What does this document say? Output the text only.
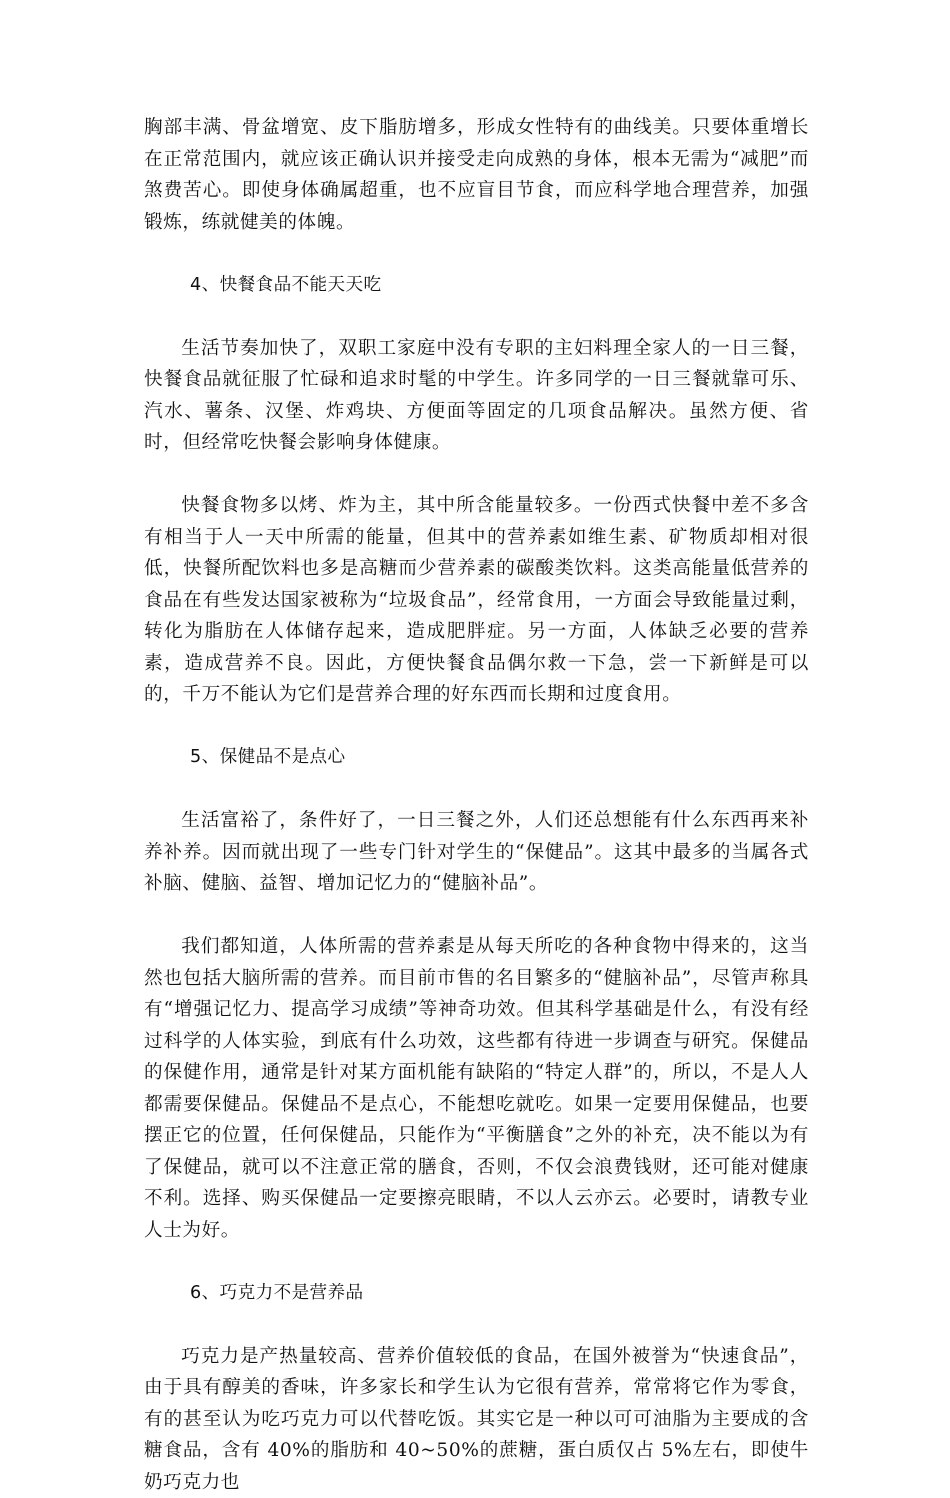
胸部丰满、骨盆增宽、皮下脂肪增多，形成女性特有的曲线美。只要体重增长在正常范围内，就应该正确认识并接受走向成熟的身体，根本无需为“减肥”而煞费苦心。即使身体确属超重，也不应盲目节食，而应科学地合理营养，加强锻炼，练就健美的体魄。

4、快餐食品不能天天吃

生活节奏加快了，双职工家庭中没有专职的主妇料理全家人的一日三餐，快餐食品就征服了忙碌和追求时髦的中学生。许多同学的一日三餐就靠可乐、汽水、薯条、汉堡、炸鸡块、方便面等固定的几项食品解决。虽然方便、省时，但经常吃快餐会影响身体健康。

快餐食物多以烤、炸为主，其中所含能量较多。一份西式快餐中差不多含有相当于人一天中所需的能量，但其中的营养素如维生素、矿物质却相对很低，快餐所配饮料也多是高糖而少营养素的碳酸类饮料。这类高能量低营养的食品在有些发达国家被称为“垃圾食品”，经常食用，一方面会导致能量过剩，转化为脂肪在人体储存起来，造成肥胖症。另一方面，人体缺乏必要的营养素，造成营养不良。因此，方便快餐食品偶尔救一下急，尝一下新鲜是可以的，千万不能认为它们是营养合理的好东西而长期和过度食用。

5、保健品不是点心

生活富裕了，条件好了，一日三餐之外，人们还总想能有什么东西再来补养补养。因而就出现了一些专门针对学生的“保健品”。这其中最多的当属各式补脑、健脑、益智、增加记忆力的“健脑补品”。

我们都知道，人体所需的营养素是从每天所吃的各种食物中得来的，这当然也包括大脑所需的营养。而目前市售的名目繁多的“健脑补品”，尽管声称具有“增强记忆力、提高学习成绩”等神奇功效。但其科学基础是什么，有没有经过科学的人体实验，到底有什么功效，这些都有待进一步调查与研究。保健品的保健作用，通常是针对某方面机能有缺陷的“特定人群”的，所以，不是人人都需要保健品。保健品不是点心，不能想吃就吃。如果一定要用保健品，也要摆正它的位置，任何保健品，只能作为“平衡膳食”之外的补充，决不能以为有了保健品，就可以不注意正常的膳食，否则，不仅会浪费钱财，还可能对健康不利。选择、购买保健品一定要擦亮眼睛，不以人云亦云。必要时，请教专业人士为好。

6、巧克力不是营养品

巧克力是产热量较高、营养价值较低的食品，在国外被誉为“快速食品”，由于具有醇美的香味，许多家长和学生认为它很有营养，常常将它作为零食，有的甚至认为吃巧克力可以代替吃饭。其实它是一种以可可油脂为主要成的含糖食品，含有 40%的脂肪和 40~50%的蔗糖，蛋白质仅占 5%左右，即使牛奶巧克力也
